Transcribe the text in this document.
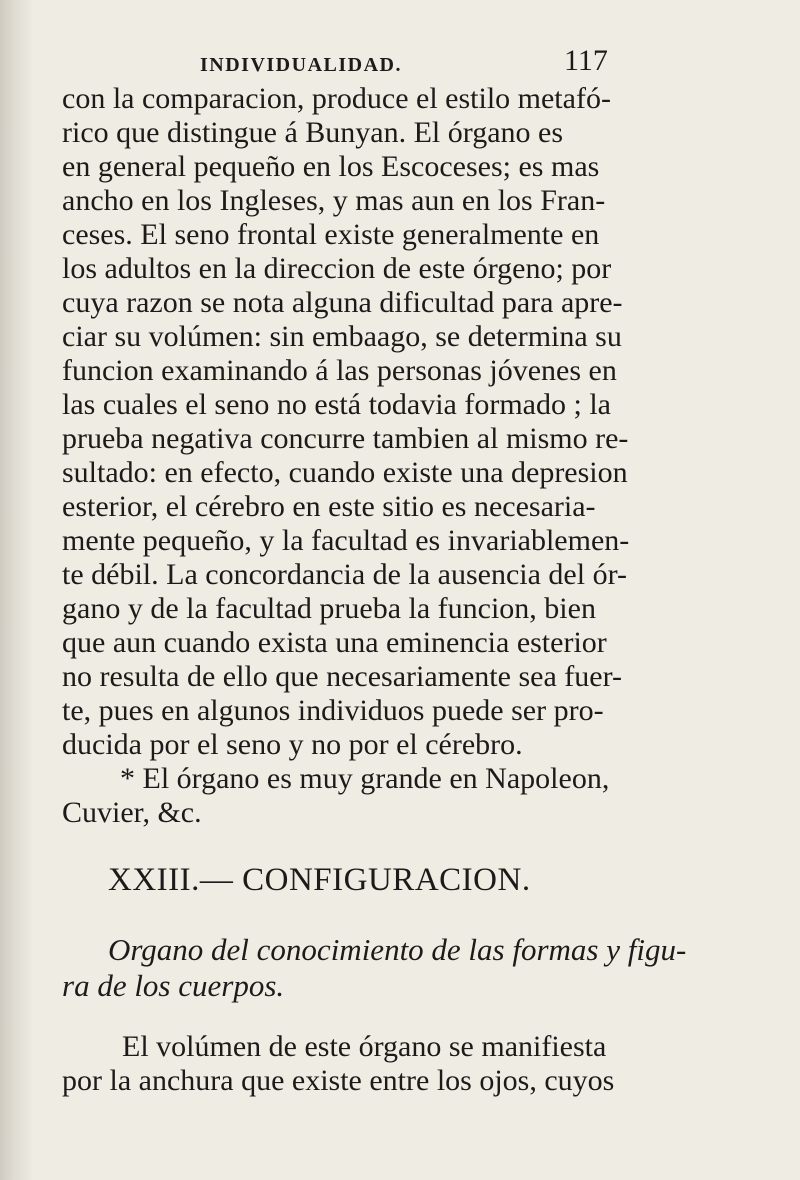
INDIVIDUALIDAD.	117
con la comparacion, produce el estilo metafó-
rico que distingue á Bunyan. El órgano es
en general pequeño en los Escoceses; es mas
ancho en los Ingleses, y mas aun en los Fran-
ceses. El seno frontal existe generalmente en
los adultos en la direccion de este órgeno; por
cuya razon se nota alguna dificultad para apre-
ciar su volúmen: sin embaago, se determina su
funcion examinando á las personas jóvenes en
las cuales el seno no está todavia formado ; la
prueba negativa concurre tambien al mismo re-
sultado: en efecto, cuando existe una depresion
esterior, el cérebro en este sitio es necesaria-
mente pequeño, y la facultad es invariablemen-
te débil. La concordancia de la ausencia del ór-
gano y de la facultad prueba la funcion, bien
que aun cuando exista una eminencia esterior
no resulta de ello que necesariamente sea fuer-
te, pues en algunos individuos puede ser pro-
ducida por el seno y no por el cérebro.
* El órgano es muy grande en Napoleon,
Cuvier, &c.
XXIII.— CONFIGURACION.
Organo del conocimiento de las formas y figu-
ra de los cuerpos.
El volúmen de este órgano se manifiesta
por la anchura que existe entre los ojos, cuyos
